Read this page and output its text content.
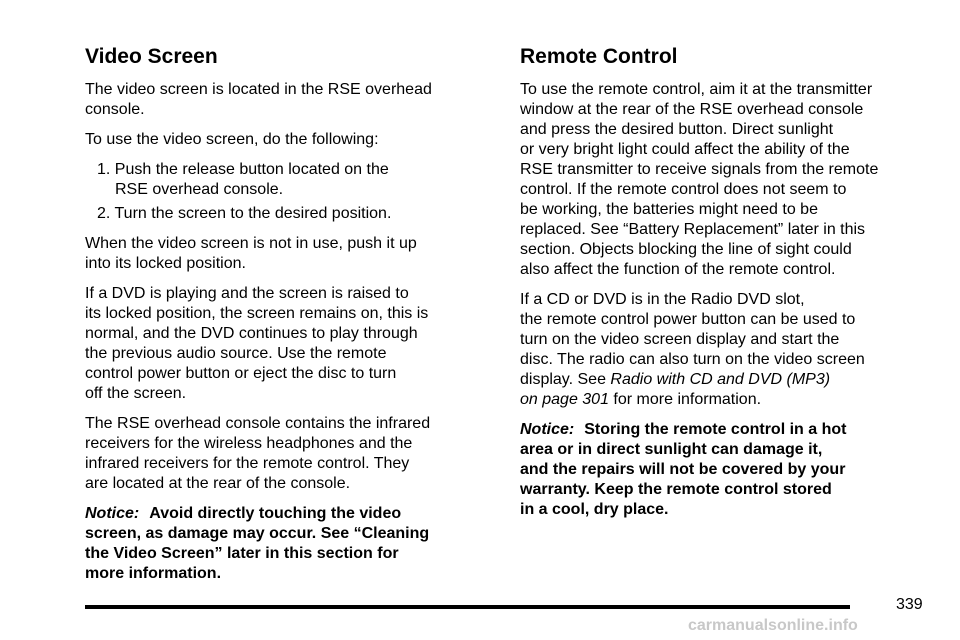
Video Screen

The video screen is located in the RSE overhead
console.

To use the video screen, do the following:

1. Push the release button located on the
RSE overhead console.
2. Turn the screen to the desired position.

When the video screen is not in use, push it up
into its locked position.

If a DVD is playing and the screen is raised to
its locked position, the screen remains on, this is
normal, and the DVD continues to play through
the previous audio source. Use the remote
control power button or eject the disc to turn
off the screen.

The RSE overhead console contains the infrared
receivers for the wireless headphones and the
infrared receivers for the remote control. They
are located at the rear of the console.

Notice: Avoid directly touching the video
screen, as damage may occur. See “Cleaning
the Video Screen” later in this section for
more information.

Remote Control

To use the remote control, aim it at the transmitter
window at the rear of the RSE overhead console
and press the desired button. Direct sunlight
or very bright light could affect the ability of the
RSE transmitter to receive signals from the remote
control. If the remote control does not seem to
be working, the batteries might need to be
replaced. See “Battery Replacement” later in this
section. Objects blocking the line of sight could
also affect the function of the remote control.

If a CD or DVD is in the Radio DVD slot,
the remote control power button can be used to
turn on the video screen display and start the
disc. The radio can also turn on the video screen
display. See Radio with CD and DVD (MP3)
on page 301 for more information.

Notice: Storing the remote control in a hot
area or in direct sunlight can damage it,
and the repairs will not be covered by your
warranty. Keep the remote control stored
in a cool, dry place.

339
carmanualsonline.info
